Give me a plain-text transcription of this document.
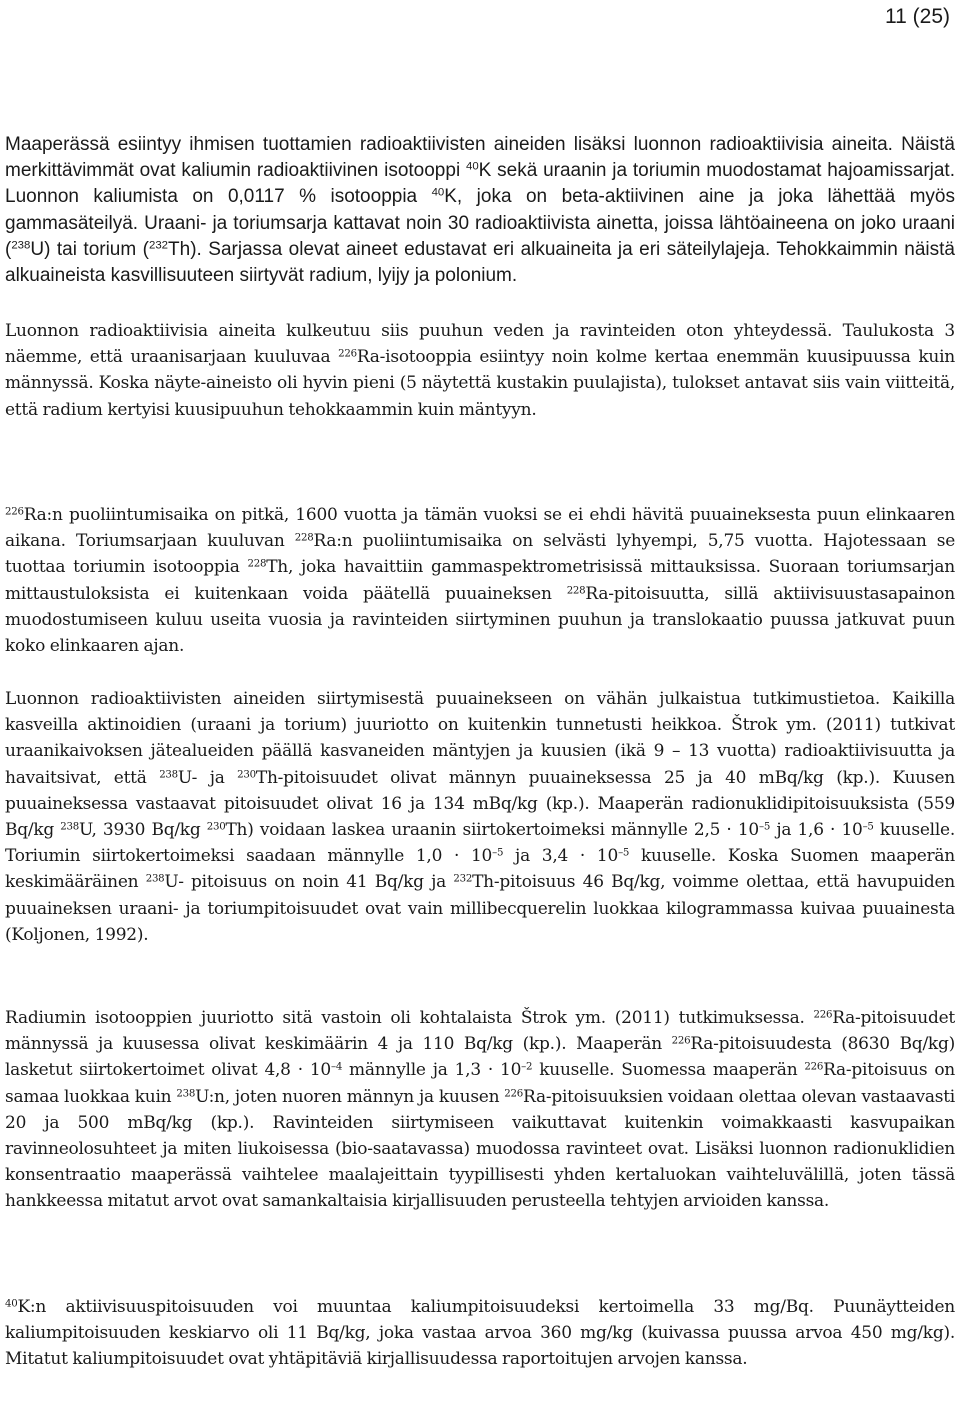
11 (25)

Maaperässä esiintyy ihmisen tuottamien radioaktiivisten aineiden lisäksi luonnon radioaktiivisia aineita. Näistä merkittävimmät ovat kaliumin radioaktiivinen isotooppi $^{40}$K sekä uraanin ja toriumin muodostamat hajoamissarjat. Luonnon kaliumista on 0,0117 % isotooppia $^{40}$K, joka on beta-aktiivinen aine ja joka lähettää myös gammasäteilyä. Uraani- ja toriumsarja kattavat noin 30 radioaktiivista ainetta, joissa lähtöaineena on joko uraani ($^{238}$U) tai torium ($^{232}$Th). Sarjassa olevat aineet edustavat eri alkuaineita ja eri säteilylajeja. Tehokkaimmin näistä alkuaineista kasvillisuuteen siirtyvät radium, lyijy ja polonium.

Luonnon radioaktiivisia aineita kulkeutuu siis puuhun veden ja ravinteiden oton yhteydessä. Taulukosta 3 näemme, että uraanisarjaan kuuluvaa $^{226}$Ra-isotooppia esiintyy noin kolme kertaa enemmän kuusipuussa kuin männyssä. Koska näyte-aineisto oli hyvin pieni (5 näytettä kustakin puulajista), tulokset antavat siis vain viitteitä, että radium kertyisi kuusipuuhun tehokkaammin kuin mäntyyn.

$^{226}$Ra:n puoliintumisaika on pitkä, 1600 vuotta ja tämän vuoksi se ei ehdi hävitä puuaineksesta puun elinkaaren aikana. Toriumsarjaan kuuluvan $^{228}$Ra:n puoliintumisaika on selvästi lyhyempi, 5,75 vuotta. Hajotessaan se tuottaa toriumin isotooppia $^{228}$Th, joka havaittiin gammaspektrometrisissä mittauksissa. Suoraan toriumsarjan mittaustuloksista ei kuitenkaan voida päätellä puuaineksen $^{228}$Ra-pitoisuutta, sillä aktiivisuustasapainon muodostumiseen kuluu useita vuosia ja ravinteiden siirtyminen puuhun ja translokaatio puussa jatkuvat puun koko elinkaaren ajan.

Luonnon radioaktiivisten aineiden siirtymisestä puuainekseen on vähän julkaistua tutkimustietoa. Kaikilla kasveilla aktinoidien (uraani ja torium) juuriotto on kuitenkin tunnetusti heikkoa. Štrok ym. (2011) tutkivat uraanikaivoksen jätealueiden päällä kasvaneiden mäntyjen ja kuusien (ikä 9 – 13 vuotta) radioaktiivisuutta ja havaitsivat, että $^{238}$U- ja $^{230}$Th-pitoisuudet olivat männyn puuaineksessa 25 ja 40 mBq/kg (kp.). Kuusen puuaineksessa vastaavat pitoisuudet olivat 16 ja 134 mBq/kg (kp.). Maaperän radionuklidipitoisuuksista (559 Bq/kg $^{238}$U, 3930 Bq/kg $^{230}$Th) voidaan laskea uraanin siirtokertoimeksi männylle $2,5 \cdot 10^{-5}$ ja $1,6 \cdot 10^{-5}$ kuuselle. Toriumin siirtokertoimeksi saadaan männylle $1,0 \cdot 10^{-5}$ ja $3,4 \cdot 10^{-5}$ kuuselle. Koska Suomen maaperän keskimääräinen $^{238}$U- pitoisuus on noin 41 Bq/kg ja $^{232}$Th-pitoisuus 46 Bq/kg, voimme olettaa, että havupuiden puuaineksen uraani- ja toriumpitoisuudet ovat vain millibecquerelin luokkaa kilogrammassa kuivaa puuainesta (Koljonen, 1992).

Radiumin isotooppien juuriotto sitä vastoin oli kohtalaista Štrok ym. (2011) tutkimuksessa. $^{226}$Ra-pitoisuudet männyssä ja kuusessa olivat keskimäärin 4 ja 110 Bq/kg (kp.). Maaperän $^{226}$Ra-pitoisuudesta (8630 Bq/kg) lasketut siirtokertoimet olivat $4,8 \cdot 10^{-4}$ männylle ja $1,3 \cdot 10^{-2}$ kuuselle. Suomessa maaperän $^{226}$Ra-pitoisuus on samaa luokkaa kuin $^{238}$U:n, joten nuoren männyn ja kuusen $^{226}$Ra-pitoisuuksien voidaan olettaa olevan vastaavasti 20 ja 500 mBq/kg (kp.). Ravinteiden siirtymiseen vaikuttavat kuitenkin voimakkaasti kasvupaikan ravinneolosuhteet ja miten liukoisessa (bio-saatavassa) muodossa ravinteet ovat. Lisäksi luonnon radionuklidien konsentraatio maaperässä vaihtelee maalajeittain tyypillisesti yhden kertaluokan vaihteluvälillä, joten tässä hankkeessa mitatut arvot ovat samankaltaisia kirjallisuuden perusteella tehtyjen arvioiden kanssa.

$^{40}$K:n aktiivisuuspitoisuuden voi muuntaa kaliumpitoisuudeksi kertoimella 33 mg/Bq. Puunäytteiden kaliumpitoisuuden keskiarvo oli 11 Bq/kg, joka vastaa arvoa 360 mg/kg (kuivassa puussa arvoa 450 mg/kg). Mitatut kaliumpitoisuudet ovat yhtäpitäviä kirjallisuudessa raportoitujen arvojen kanssa.
